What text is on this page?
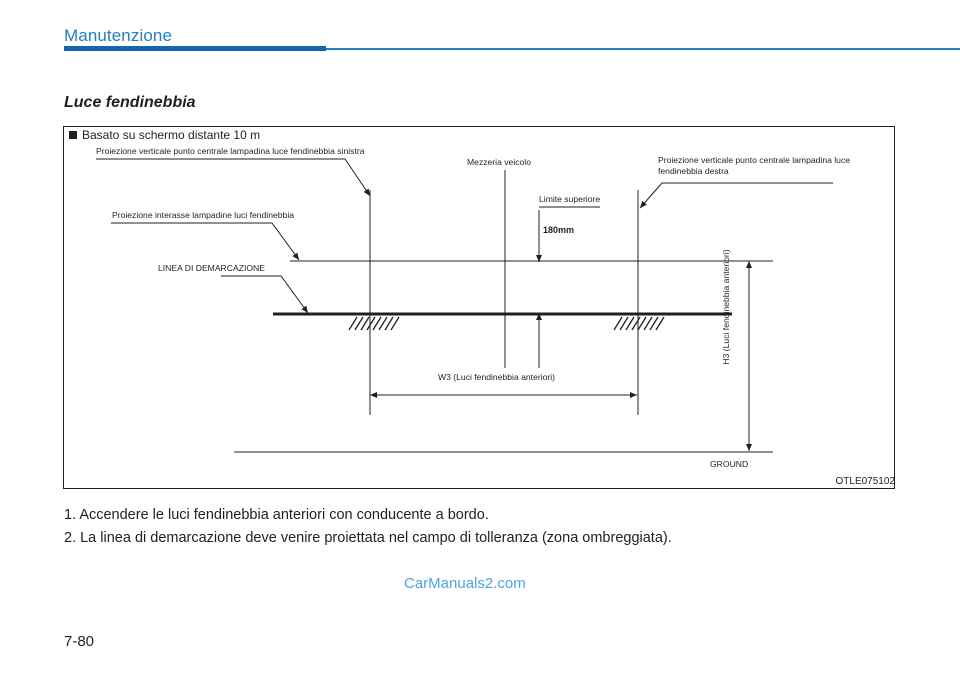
Manutenzione
Luce fendinebbia
Basato su schermo distante 10 m
Proiezione verticale punto centrale lampadina luce fendinebbia sinistra
Proiezione interasse lampadine luci fendinebbia
LINEA DI DEMARCAZIONE
Mezzeria veicolo
Limite superiore
180mm
Proiezione verticale punto centrale lampadina luce fendinebbia destra
W3 (Luci fendinebbia anteriori)
H3 (Luci fendinebbia anteriori)
GROUND
OTLE075102
1. Accendere le luci fendinebbia anteriori con conducente a bordo.
2. La linea di demarcazione deve venire proiettata nel campo di tolleranza (zona ombreggiata).
CarManuals2.com
7-80
